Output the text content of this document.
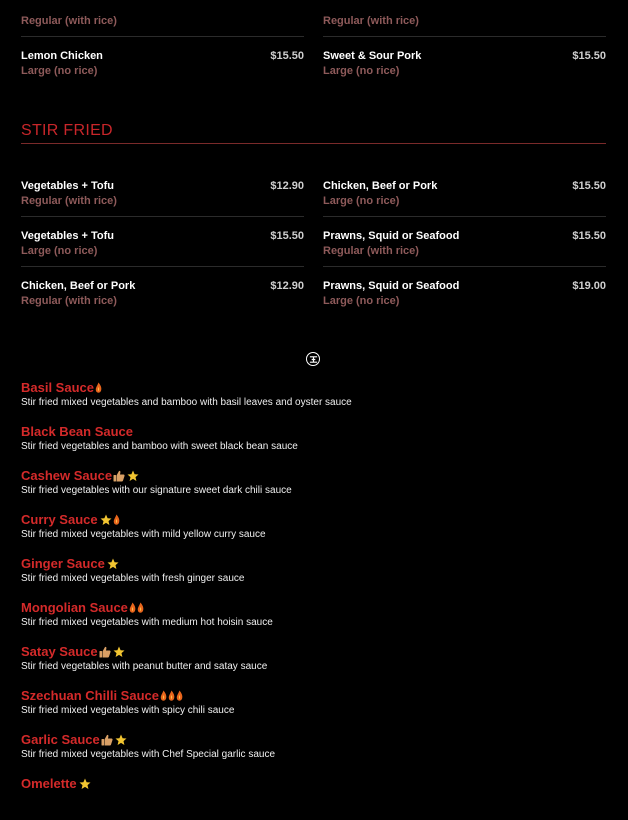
Regular (with rice)	Regular (with rice)
Lemon Chicken
Large (no rice)
$15.50 Sweet & Sour Pork
Large (no rice)
$15.50
STIR FRIED
Vegetables + Tofu
Regular (with rice)
$12.90 Chicken, Beef or Pork
Large (no rice)
$15.50
Vegetables + Tofu
Large (no rice)
$15.50 Prawns, Squid or Seafood
Regular (with rice)
$15.50
Chicken, Beef or Pork
Regular (with rice)
$12.90 Prawns, Squid or Seafood
Large (no rice)
$19.00
Basil Sauce
Stir fried mixed vegetables and bamboo with basil leaves and oyster sauce
Black Bean Sauce
Stir fried vegetables and bamboo with sweet black bean sauce
Cashew Sauce
Stir fried vegetables with our signature sweet dark chili sauce
Curry Sauce
Stir fried mixed vegetables with mild yellow curry sauce
Ginger Sauce
Stir fried mixed vegetables with fresh ginger sauce
Mongolian Sauce
Stir fried mixed vegetables with medium hot hoisin sauce
Satay Sauce
Stir fried vegetables with peanut butter and satay sauce
Szechuan Chilli Sauce
Stir fried mixed vegetables with spicy chili sauce
Garlic Sauce
Stir fried mixed vegetables with Chef Special garlic sauce
Omelette
